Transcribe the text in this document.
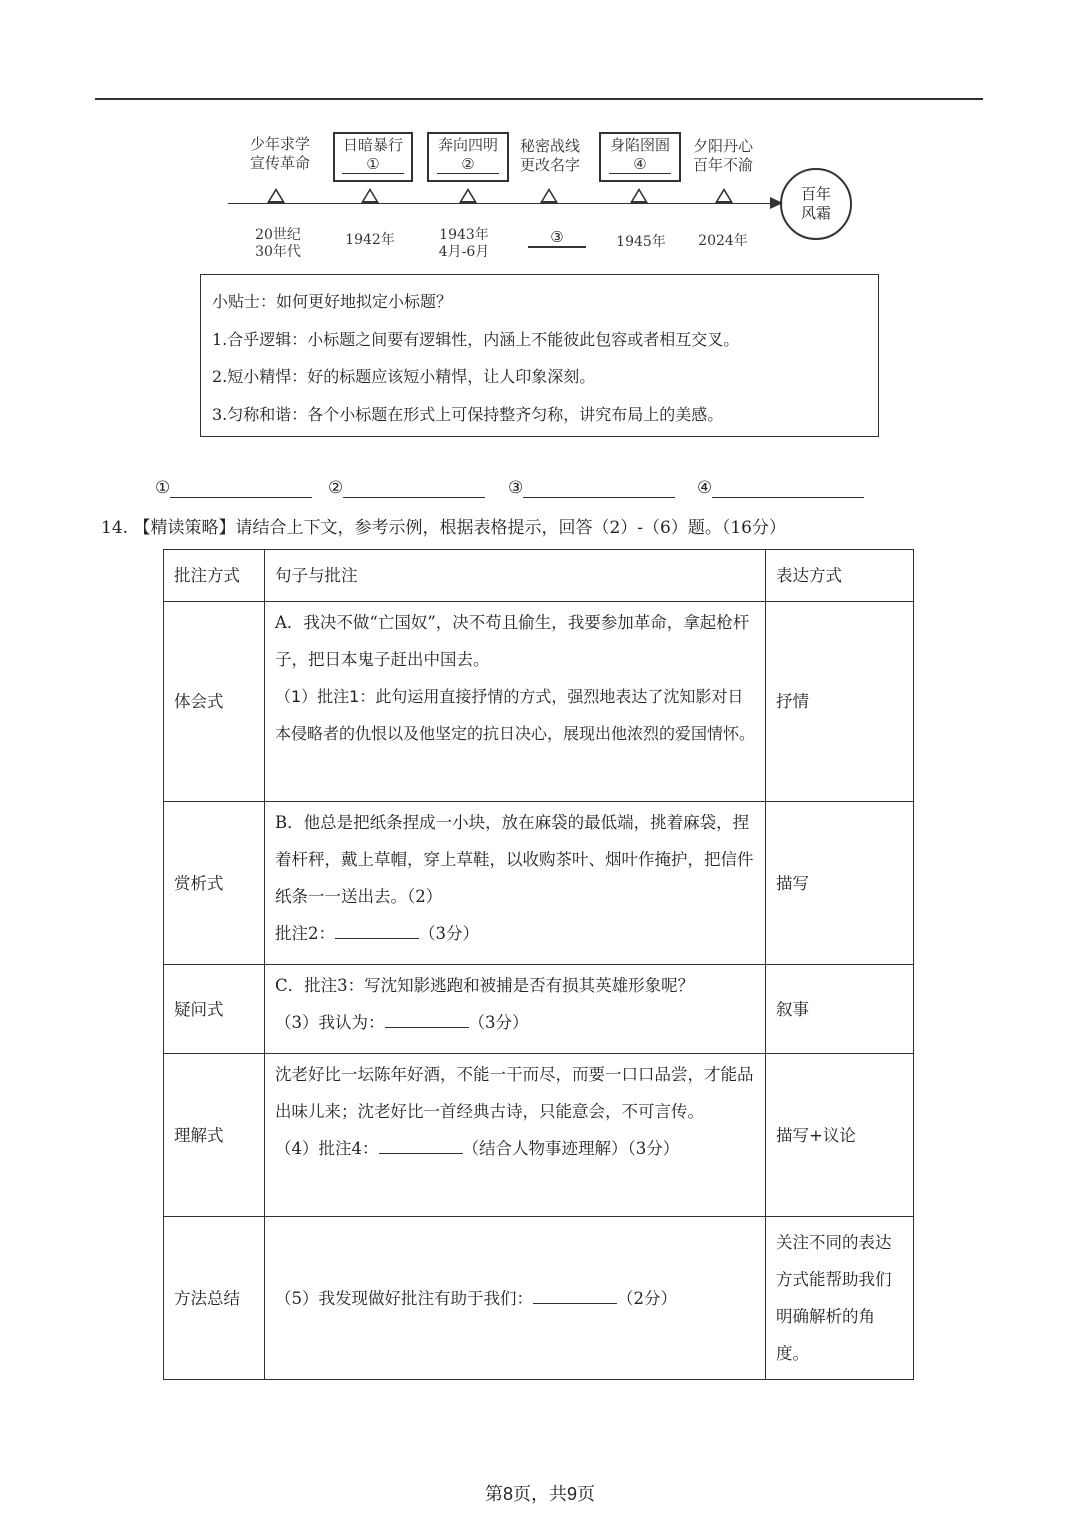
少年求学
宣传革命
日暗暴行
①
奔向四明
②
秘密战线
更改名字
身陷囹圄
④
夕阳丹心
百年不渝
百年
风霜
20世纪
30年代
1942年	1943年
4月-6月
③	1945年	2024年

小贴士：如何更好地拟定小标题？

1.合乎逻辑：小标题之间要有逻辑性，内涵上不能彼此包容或者相互交叉。

2.短小精悍：好的标题应该短小精悍，让人印象深刻。

3.匀称和谐：各个小标题在形式上可保持整齐匀称，讲究布局上的美感。

①	②	③	④
14. 【精读策略】请结合上下文，参考示例，根据表格提示，回答（2）-（6）题。（16分）
批注方式	句子与批注	表达方式
体会式	A．我决不做“亡国奴”，决不苟且偷生，我要参加革命，拿起枪杆子，把日本鬼子赶出中国去。
（1）批注1：此句运用直接抒情的方式，强烈地表达了沈知影对日本侵略者的仇恨以及他坚定的抗日决心，展现出他浓烈的爱国情怀。	抒情
赏析式	B．他总是把纸条捏成一小块，放在麻袋的最低端，挑着麻袋，捏着杆秤，戴上草帽，穿上草鞋，以收购茶叶、烟叶作掩护，把信件纸条一一送出去。（2）
批注2： （3分）	描写
疑问式	C．批注3：写沈知影逃跑和被捕是否有损其英雄形象呢？
（3）我认为： （3分）	叙事
理解式	沈老好比一坛陈年好酒，不能一干而尽，而要一口口品尝，才能品出味儿来；沈老好比一首经典古诗，只能意会，不可言传。
（4）批注4： （结合人物事迹理解）（3分）	描写+议论
方法总结	（5）我发现做好批注有助于我们： （2分）	关注不同的表达方式能帮助我们明确解析的角度。
第8页，共9页
